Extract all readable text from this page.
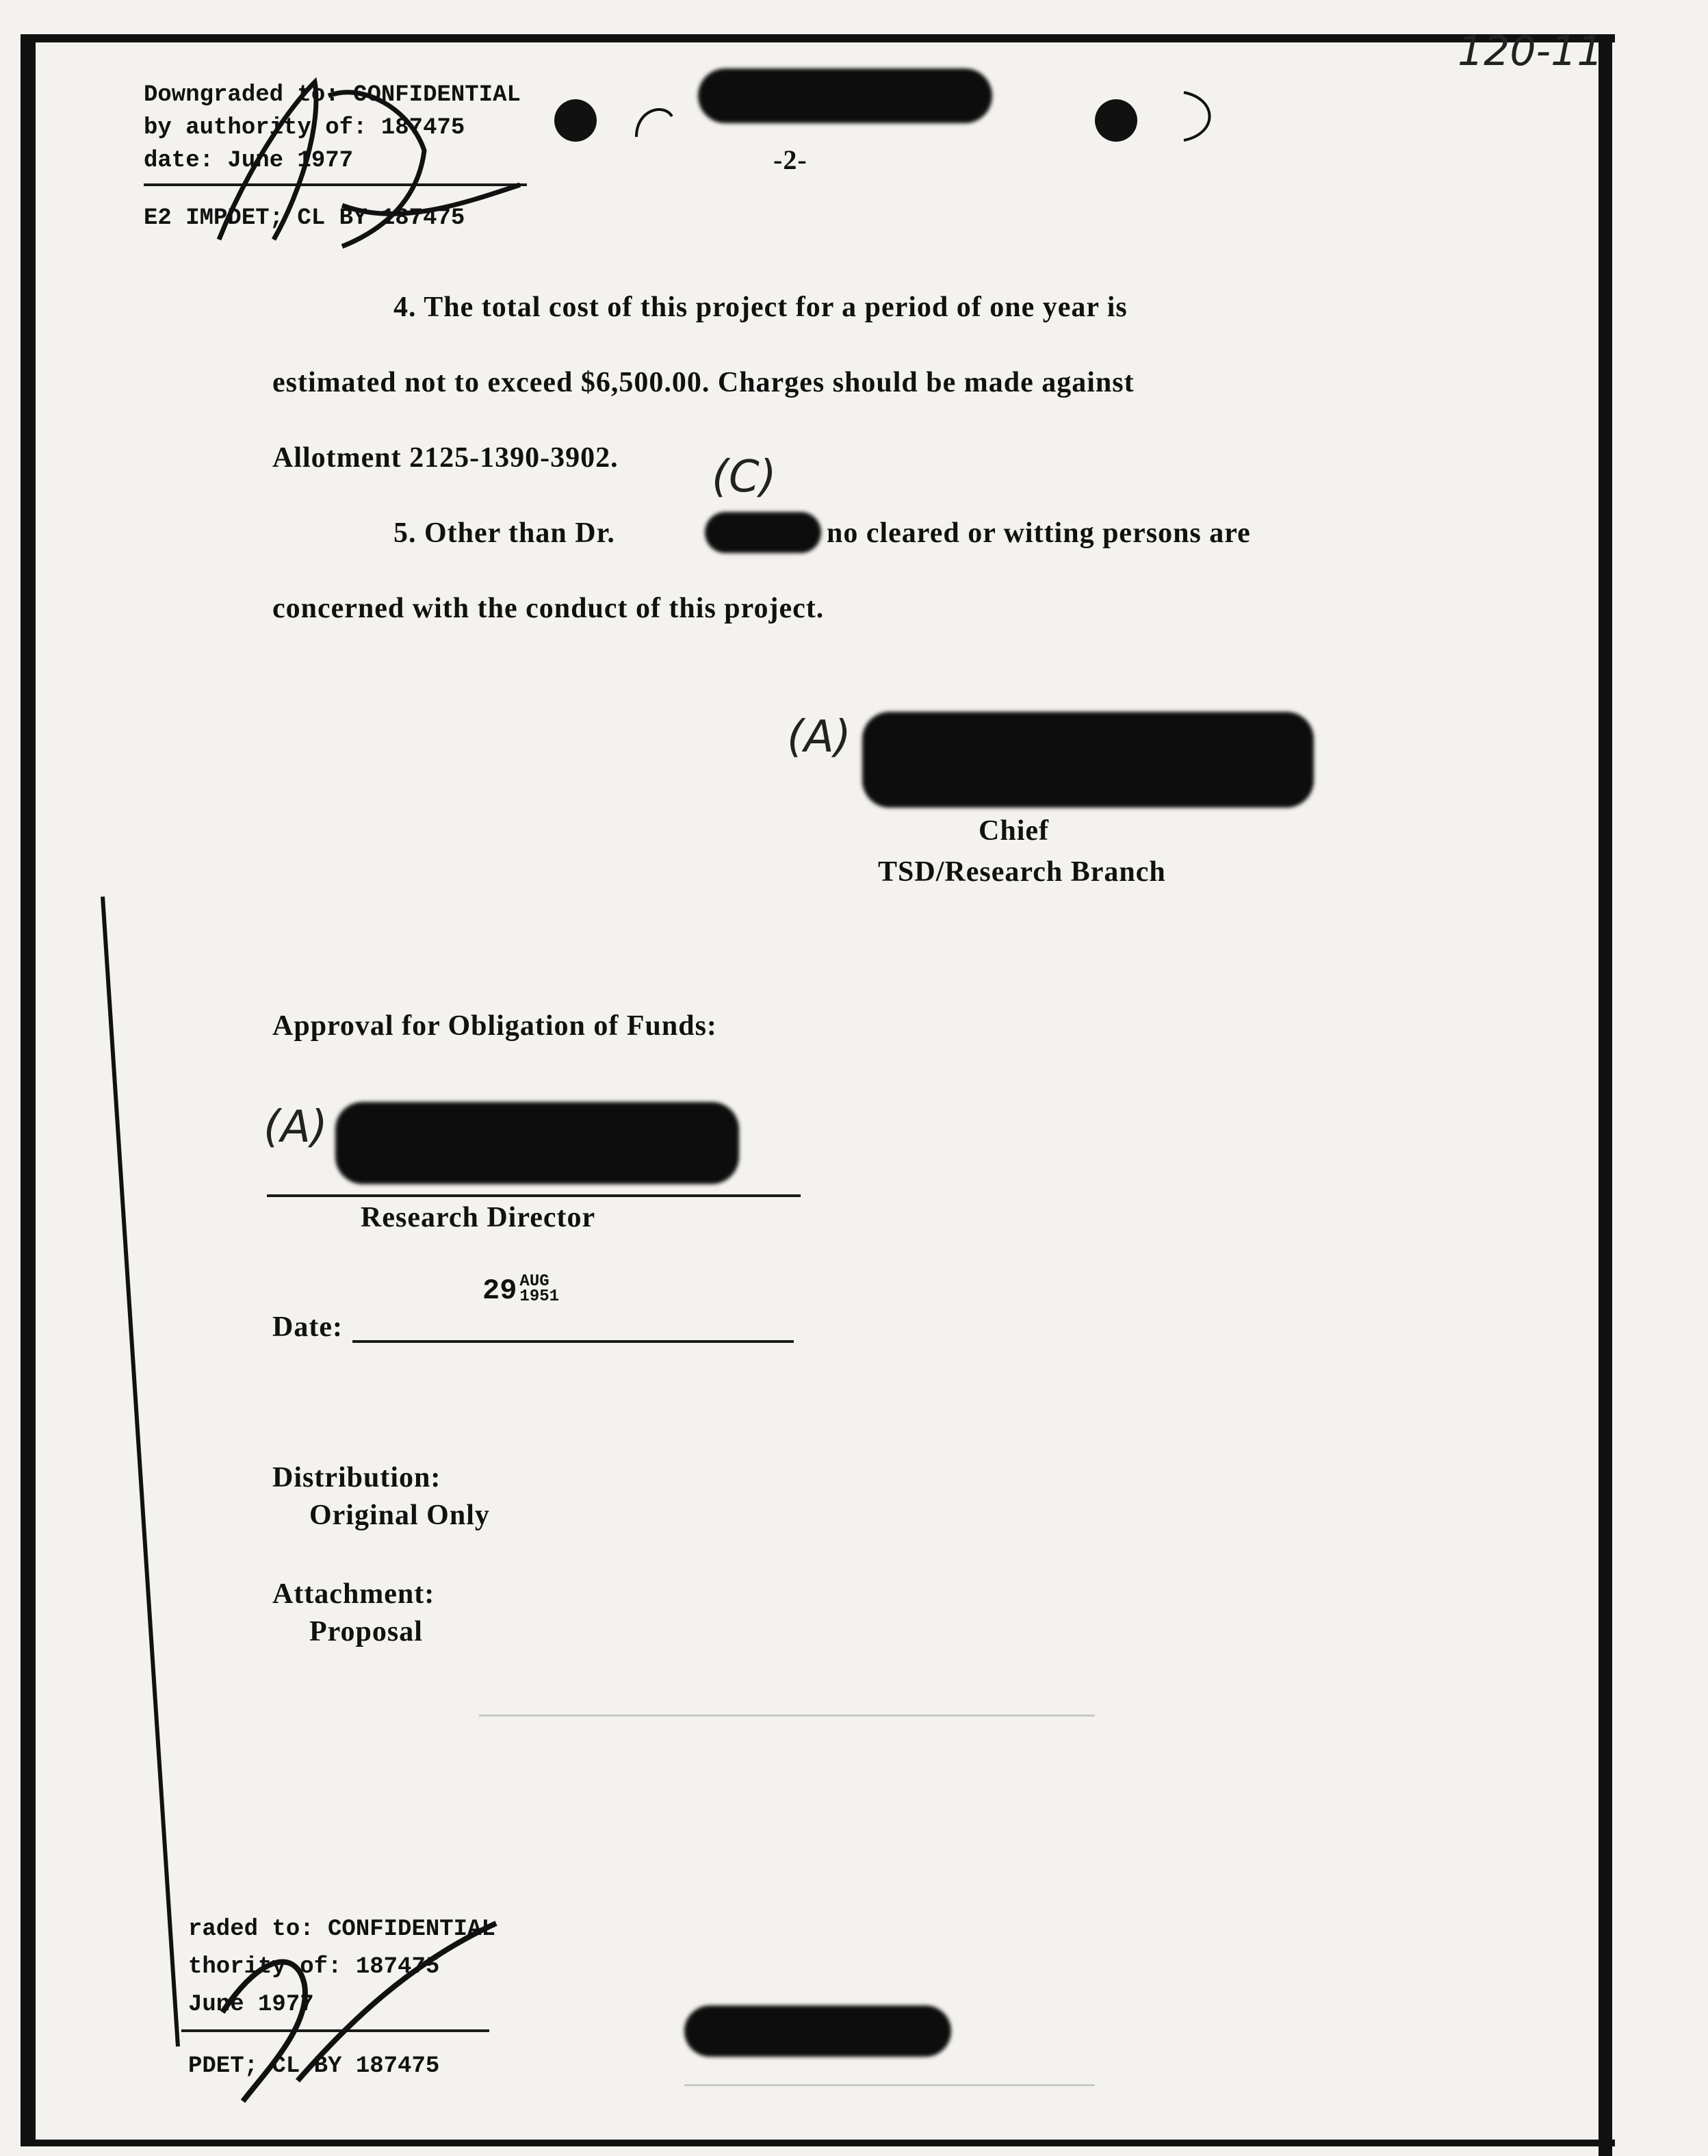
Downgraded to: CONFIDENTIAL
by authority of: 187475
date: June 1977
E2 IMPDET; CL BY 187475
-2-
120-11
4. The total cost of this project for a period of one year is
estimated not to exceed $6,500.00. Charges should be made against
Allotment 2125-1390-3902. (C)
5. Other than Dr.	no cleared or witting persons are
concerned with the conduct of this project.
(A)
Chief
TSD/Research Branch
Approval for Obligation of Funds:
(A)
Research Director
Date:
29 AUG
1951
Distribution:
Original Only
Attachment:
Proposal
raded to: CONFIDENTIAL
thority of: 187475
June 1977
PDET; CL BY 187475
